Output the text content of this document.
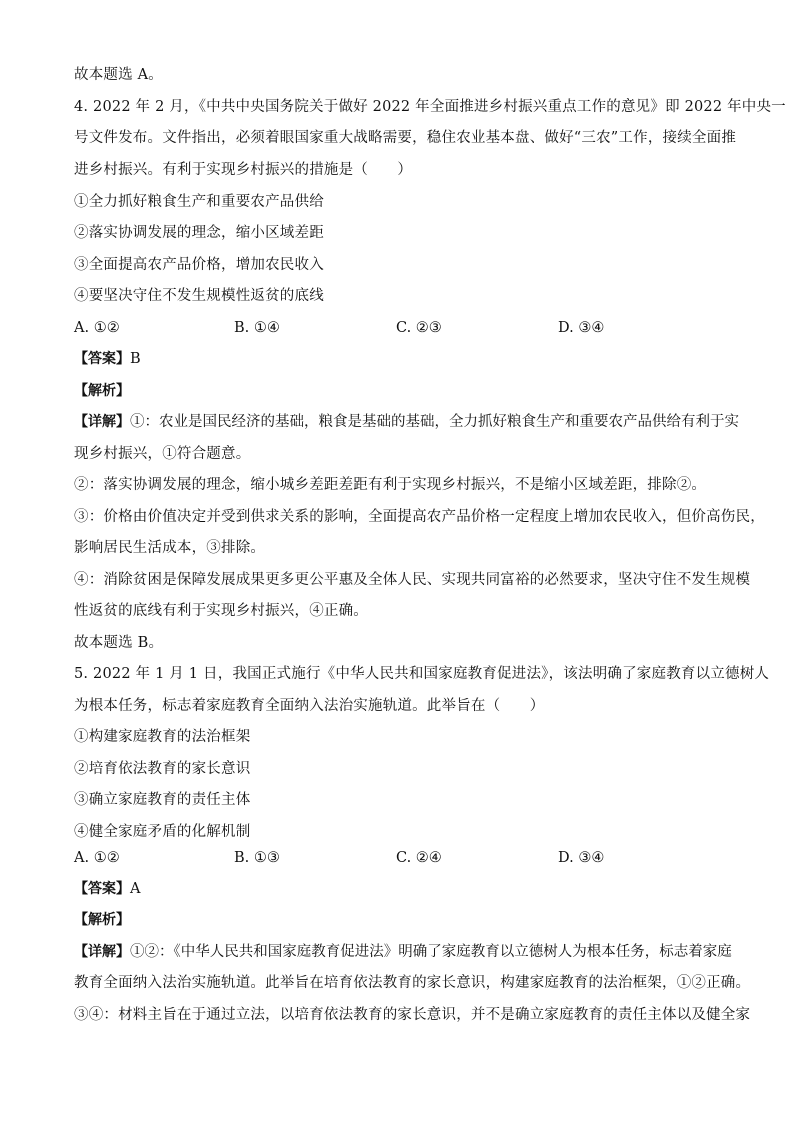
故本题选 A。
4. 2022 年 2 月，《中共中央国务院关于做好 2022 年全面推进乡村振兴重点工作的意见》即 2022 年中央一
号文件发布。文件指出，必须着眼国家重大战略需要，稳住农业基本盘、做好“三农”工作，接续全面推
进乡村振兴。有利于实现乡村振兴的措施是（　　）
①全力抓好粮食生产和重要农产品供给
②落实协调发展的理念，缩小区域差距
③全面提高农产品价格，增加农民收入
④要坚决守住不发生规模性返贫的底线
A. ①②	B. ①④	C. ②③	D. ③④
【答案】B
【解析】
【详解】①：农业是国民经济的基础，粮食是基础的基础，全力抓好粮食生产和重要农产品供给有利于实
现乡村振兴，①符合题意。
②：落实协调发展的理念，缩小城乡差距差距有利于实现乡村振兴，不是缩小区域差距，排除②。
③：价格由价值决定并受到供求关系的影响，全面提高农产品价格一定程度上增加农民收入，但价高伤民，
影响居民生活成本，③排除。
④：消除贫困是保障发展成果更多更公平惠及全体人民、实现共同富裕的必然要求，坚决守住不发生规模
性返贫的底线有利于实现乡村振兴，④正确。
故本题选 B。
5. 2022 年 1 月 1 日，我国正式施行《中华人民共和国家庭教育促进法》，该法明确了家庭教育以立德树人
为根本任务，标志着家庭教育全面纳入法治实施轨道。此举旨在（　　）
①构建家庭教育的法治框架
②培育依法教育的家长意识
③确立家庭教育的责任主体
④健全家庭矛盾的化解机制
A. ①②	B. ①③	C. ②④	D. ③④
【答案】A
【解析】
【详解】①②：《中华人民共和国家庭教育促进法》明确了家庭教育以立德树人为根本任务，标志着家庭
教育全面纳入法治实施轨道。此举旨在培育依法教育的家长意识，构建家庭教育的法治框架，①②正确。
③④：材料主旨在于通过立法，以培育依法教育的家长意识，并不是确立家庭教育的责任主体以及健全家
